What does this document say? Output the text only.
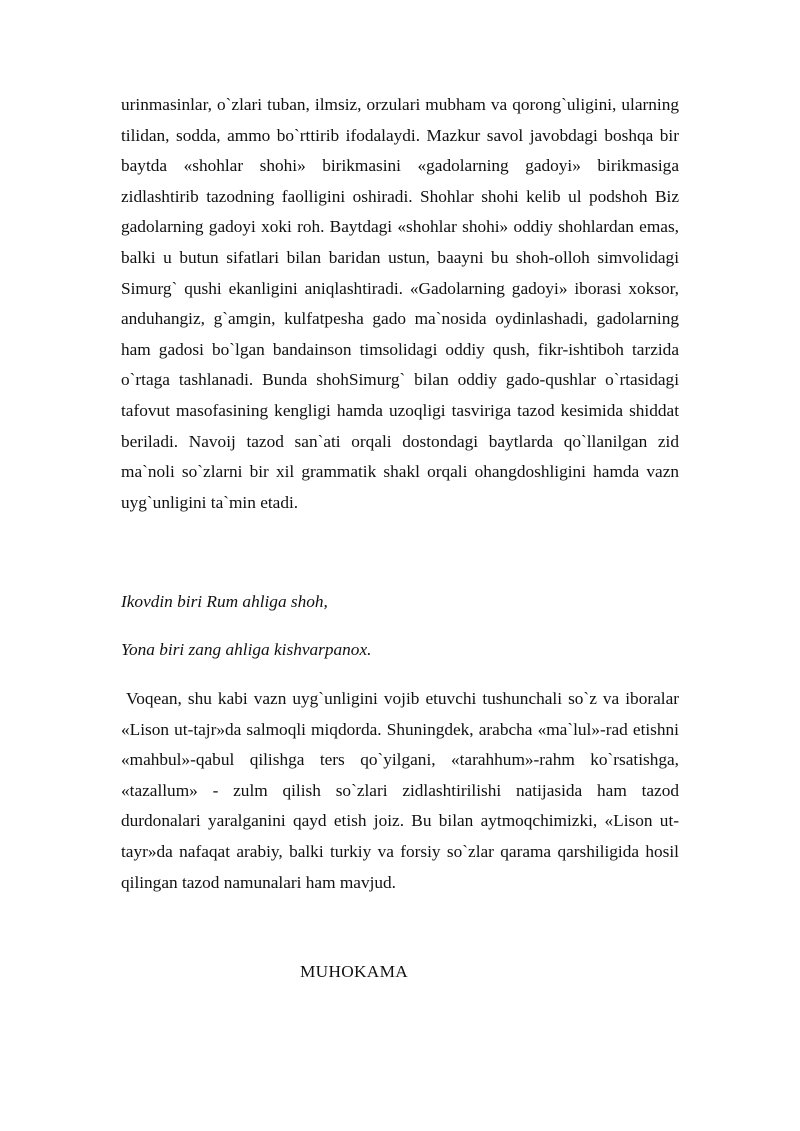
urinmasinlar, o`zlari tuban, ilmsiz, orzulari mubham va qorong`uligini, ularning tilidan, sodda, ammo bo`rttirib ifodalaydi. Mazkur savol javobdagi boshqa bir baytda «shohlar shohi» birikmasini «gadolarning gadoyi» birikmasiga zidlashtirib tazodning faolligini oshiradi. Shohlar shohi kelib ul podshoh Biz gadolarning gadoyi xoki roh. Baytdagi «shohlar shohi» oddiy shohlardan emas, balki u butun sifatlari bilan baridan ustun, baayni bu shoh-olloh simvolidagi Simurg` qushi ekanligini aniqlashtiradi. «Gadolarning gadoyi» iborasi xoksor, anduhangiz, g`amgin, kulfatpesha gado ma`nosida oydinlashadi, gadolarning ham gadosi bo`lgan bandainson timsolidagi oddiy qush, fikr-ishtiboh tarzida o`rtaga tashlanadi. Bunda shohSimurg` bilan oddiy gado-qushlar o`rtasidagi tafovut masofasining kengligi hamda uzoqligi tasviriga tazod kesimida shiddat beriladi. Navoij tazod san`ati orqali dostondagi baytlarda qo`llanilgan zid ma`noli so`zlarni bir xil grammatik shakl orqali ohangdoshligini hamda vazn uyg`unligini ta`min etadi.

Ikovdin biri Rum ahliga shoh,

Yona biri zang ahliga kishvarpanox.

Voqean, shu kabi vazn uyg`unligini vojib etuvchi tushunchali so`z va iboralar «Lison ut-tajr»da salmoqli miqdorda. Shuningdek, arabcha «ma`lul»-rad etishni «mahbul»-qabul qilishga ters qo`yilgani, «tarahhum»-rahm ko`rsatishga, «tazallum» - zulm qilish so`zlari zidlashtirilishi natijasida ham tazod durdonalari yaralganini qayd etish joiz. Bu bilan aytmoqchimizki, «Lison ut-tayr»da nafaqat arabiy, balki turkiy va forsiy so`zlar qarama qarshiligida hosil qilingan tazod namunalari ham mavjud.

MUHOKAMA
